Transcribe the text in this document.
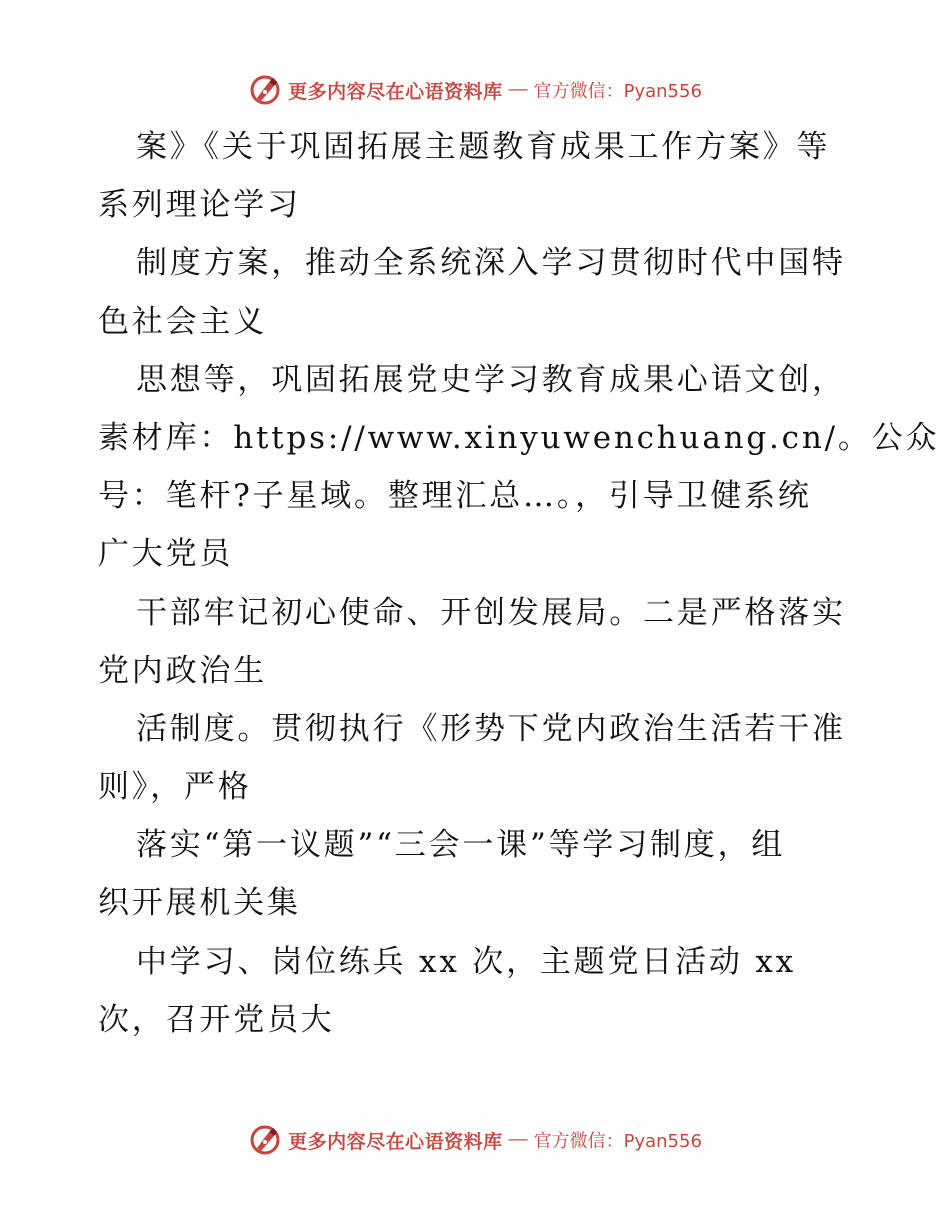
更多内容尽在心语资料库 — 官方微信：Pyan556
案》《关于巩固拓展主题教育成果工作方案》等
系列理论学习
制度方案，推动全系统深入学习贯彻时代中国特
色社会主义
思想等，巩固拓展党史学习教育成果心语文创，
素材库：https://www.xinyuwenchuang.cn/。公众
号：笔杆?子星域。整理汇总…。，引导卫健系统
广大党员
干部牢记初心使命、开创发展局。二是严格落实
党内政治生
活制度。贯彻执行《形势下党内政治生活若干准
则》，严格
落实“第一议题”“三会一课”等学习制度，组
织开展机关集
中学习、岗位练兵 xx 次，主题党日活动 xx
次，召开党员大
更多内容尽在心语资料库 — 官方微信：Pyan556
